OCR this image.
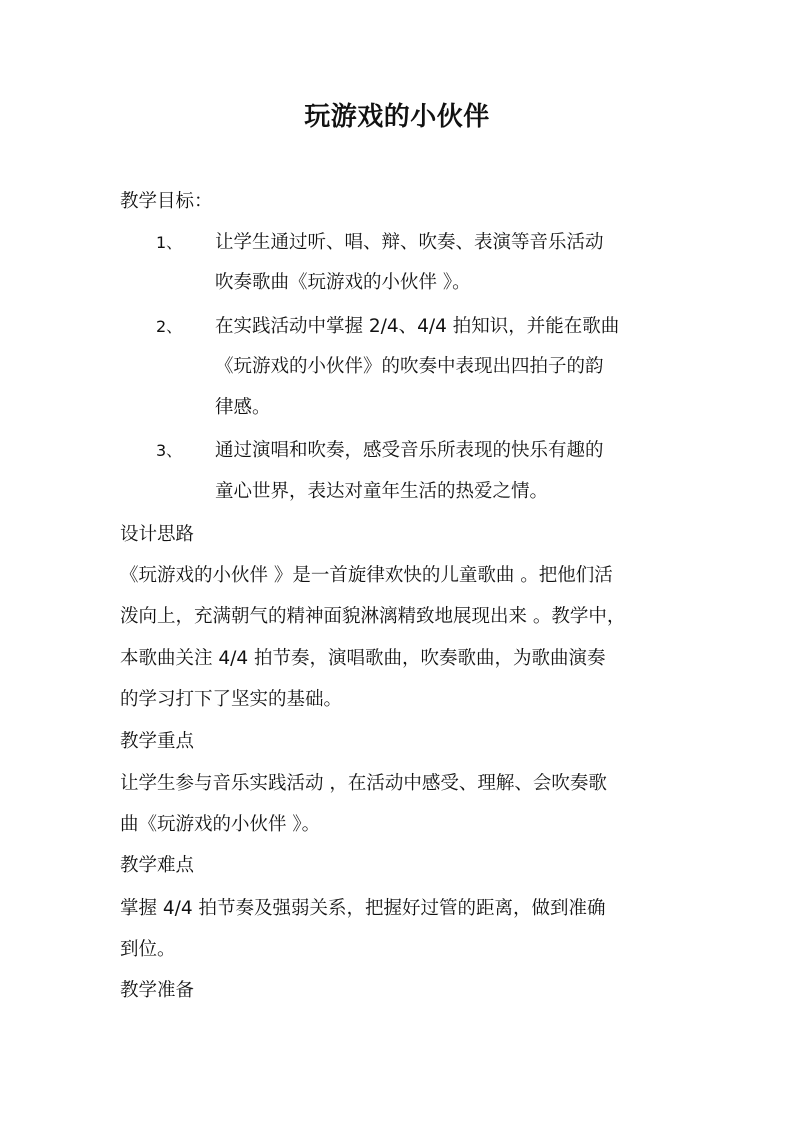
玩游戏的小伙伴
教学目标：
1、 让学生通过听、唱、辩、吹奏、表演等音乐活动
吹奏歌曲《玩游戏的小伙伴 》。
2、 在实践活动中掌握 2/4、4/4 拍知识，并能在歌曲
《玩游戏的小伙伴》的吹奏中表现出四拍子的韵
律感。
3、 通过演唱和吹奏，感受音乐所表现的快乐有趣的
童心世界，表达对童年生活的热爱之情。
设计思路
《玩游戏的小伙伴 》是一首旋律欢快的儿童歌曲 。把他们活
泼向上，充满朝气的精神面貌淋漓精致地展现出来 。教学中，
本歌曲关注 4/4 拍节奏，演唱歌曲，吹奏歌曲，为歌曲演奏
的学习打下了坚实的基础。
教学重点
让学生参与音乐实践活动 ，在活动中感受、理解、会吹奏歌
曲《玩游戏的小伙伴 》。
教学难点
掌握 4/4 拍节奏及强弱关系，把握好过管的距离，做到准确
到位。
教学准备
